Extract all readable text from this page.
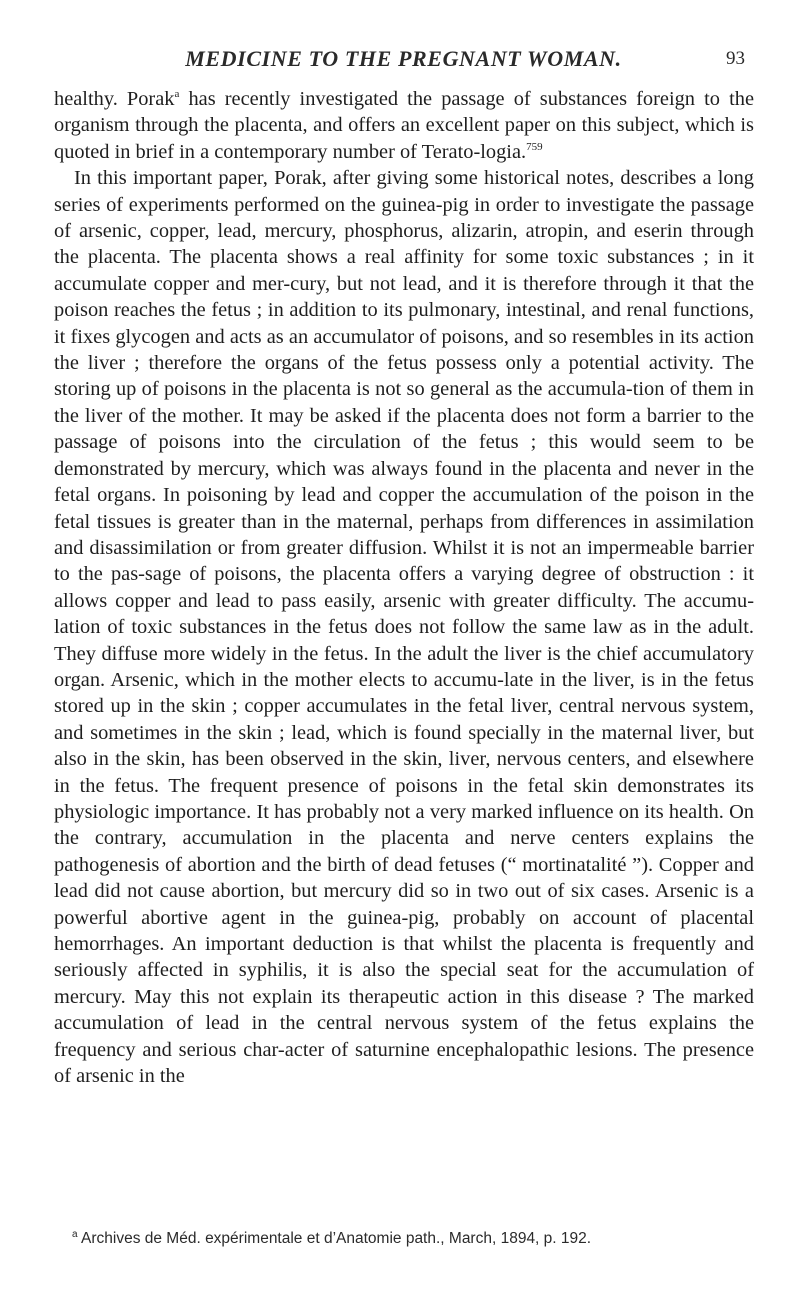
MEDICINE TO THE PREGNANT WOMAN.	93

healthy. Porak$^a$ has recently investigated the passage of substances foreign to the organism through the placenta, and offers an excellent paper on this subject, which is quoted in brief in a contemporary number of Terato-logia.$^{759}$

In this important paper, Porak, after giving some historical notes, describes a long series of experiments performed on the guinea-pig in order to investigate the passage of arsenic, copper, lead, mercury, phosphorus, alizarin, atropin, and eserin through the placenta. The placenta shows a real affinity for some toxic substances ; in it accumulate copper and mer-cury, but not lead, and it is therefore through it that the poison reaches the fetus ; in addition to its pulmonary, intestinal, and renal functions, it fixes glycogen and acts as an accumulator of poisons, and so resembles in its action the liver ; therefore the organs of the fetus possess only a potential activity. The storing up of poisons in the placenta is not so general as the accumula-tion of them in the liver of the mother. It may be asked if the placenta does not form a barrier to the passage of poisons into the circulation of the fetus ; this would seem to be demonstrated by mercury, which was always found in the placenta and never in the fetal organs. In poisoning by lead and copper the accumulation of the poison in the fetal tissues is greater than in the maternal, perhaps from differences in assimilation and disassimilation or from greater diffusion. Whilst it is not an impermeable barrier to the pas-sage of poisons, the placenta offers a varying degree of obstruction : it allows copper and lead to pass easily, arsenic with greater difficulty. The accumu-lation of toxic substances in the fetus does not follow the same law as in the adult. They diffuse more widely in the fetus. In the adult the liver is the chief accumulatory organ. Arsenic, which in the mother elects to accumu-late in the liver, is in the fetus stored up in the skin ; copper accumulates in the fetal liver, central nervous system, and sometimes in the skin ; lead, which is found specially in the maternal liver, but also in the skin, has been observed in the skin, liver, nervous centers, and elsewhere in the fetus. The frequent presence of poisons in the fetal skin demonstrates its physiologic importance. It has probably not a very marked influence on its health. On the contrary, accumulation in the placenta and nerve centers explains the pathogenesis of abortion and the birth of dead fetuses (“ mortinatalité ”). Copper and lead did not cause abortion, but mercury did so in two out of six cases. Arsenic is a powerful abortive agent in the guinea-pig, probably on account of placental hemorrhages. An important deduction is that whilst the placenta is frequently and seriously affected in syphilis, it is also the special seat for the accumulation of mercury. May this not explain its therapeutic action in this disease ? The marked accumulation of lead in the central nervous system of the fetus explains the frequency and serious char-acter of saturnine encephalopathic lesions. The presence of arsenic in the

$^a$ Archives de Méd. expérimentale et d’Anatomie path., March, 1894, p. 192.
